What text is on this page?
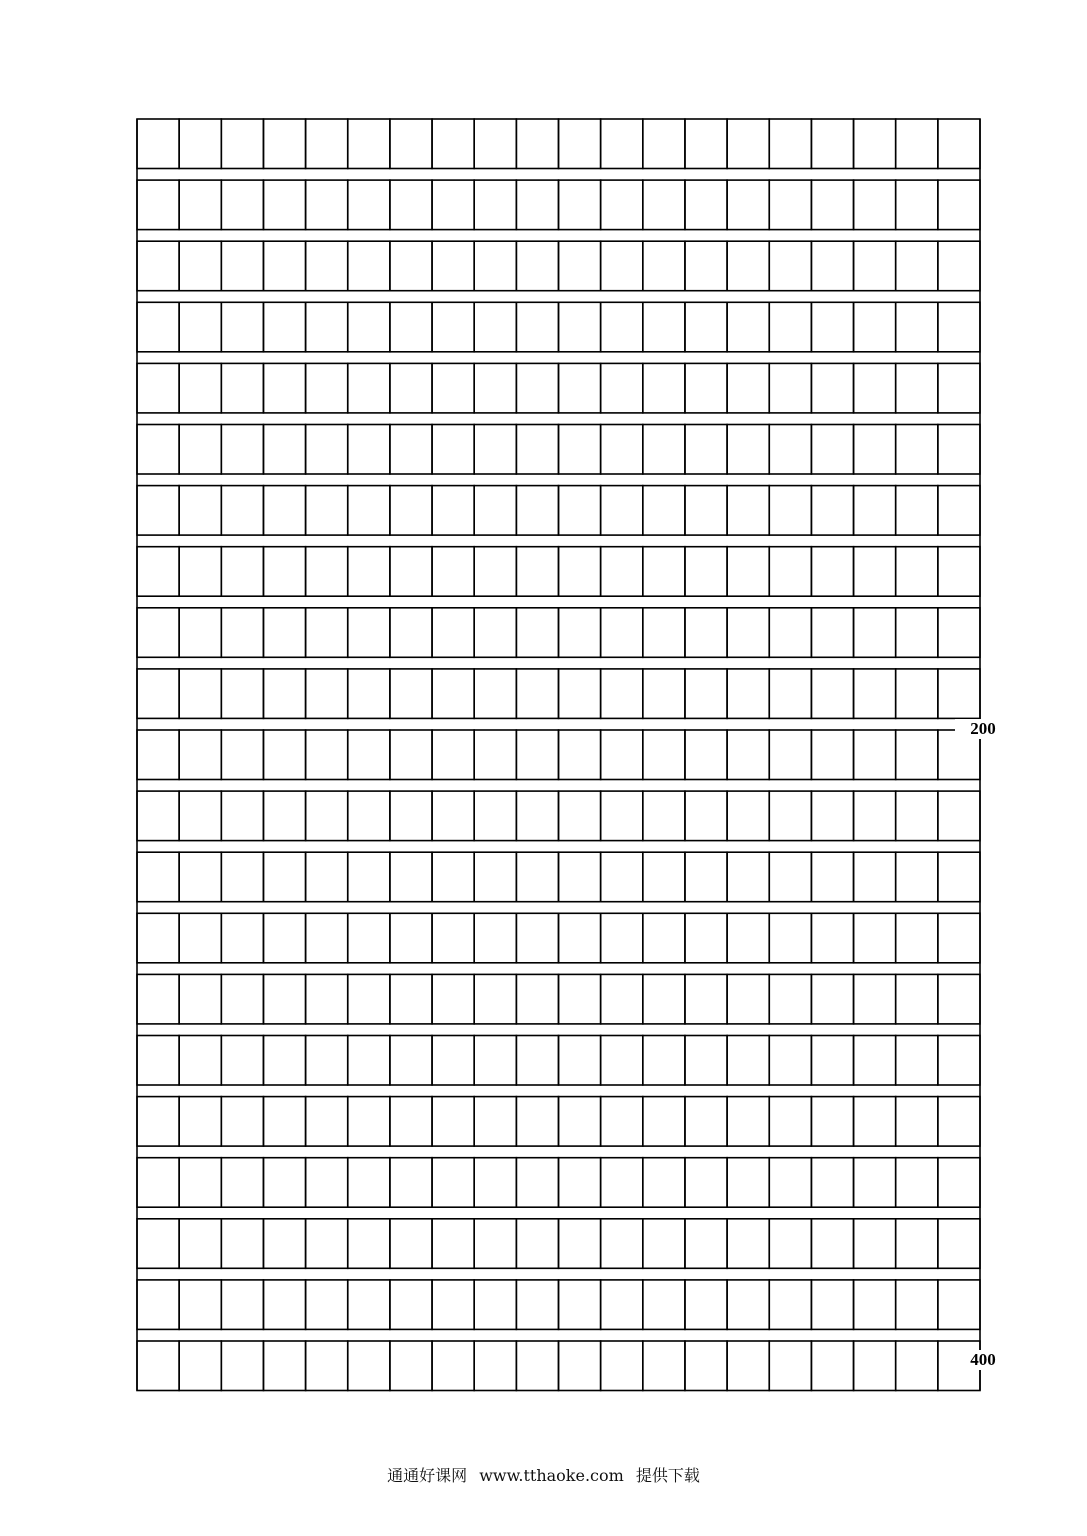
200
400
通通好课网 www.tthaoke.com 提供下载
